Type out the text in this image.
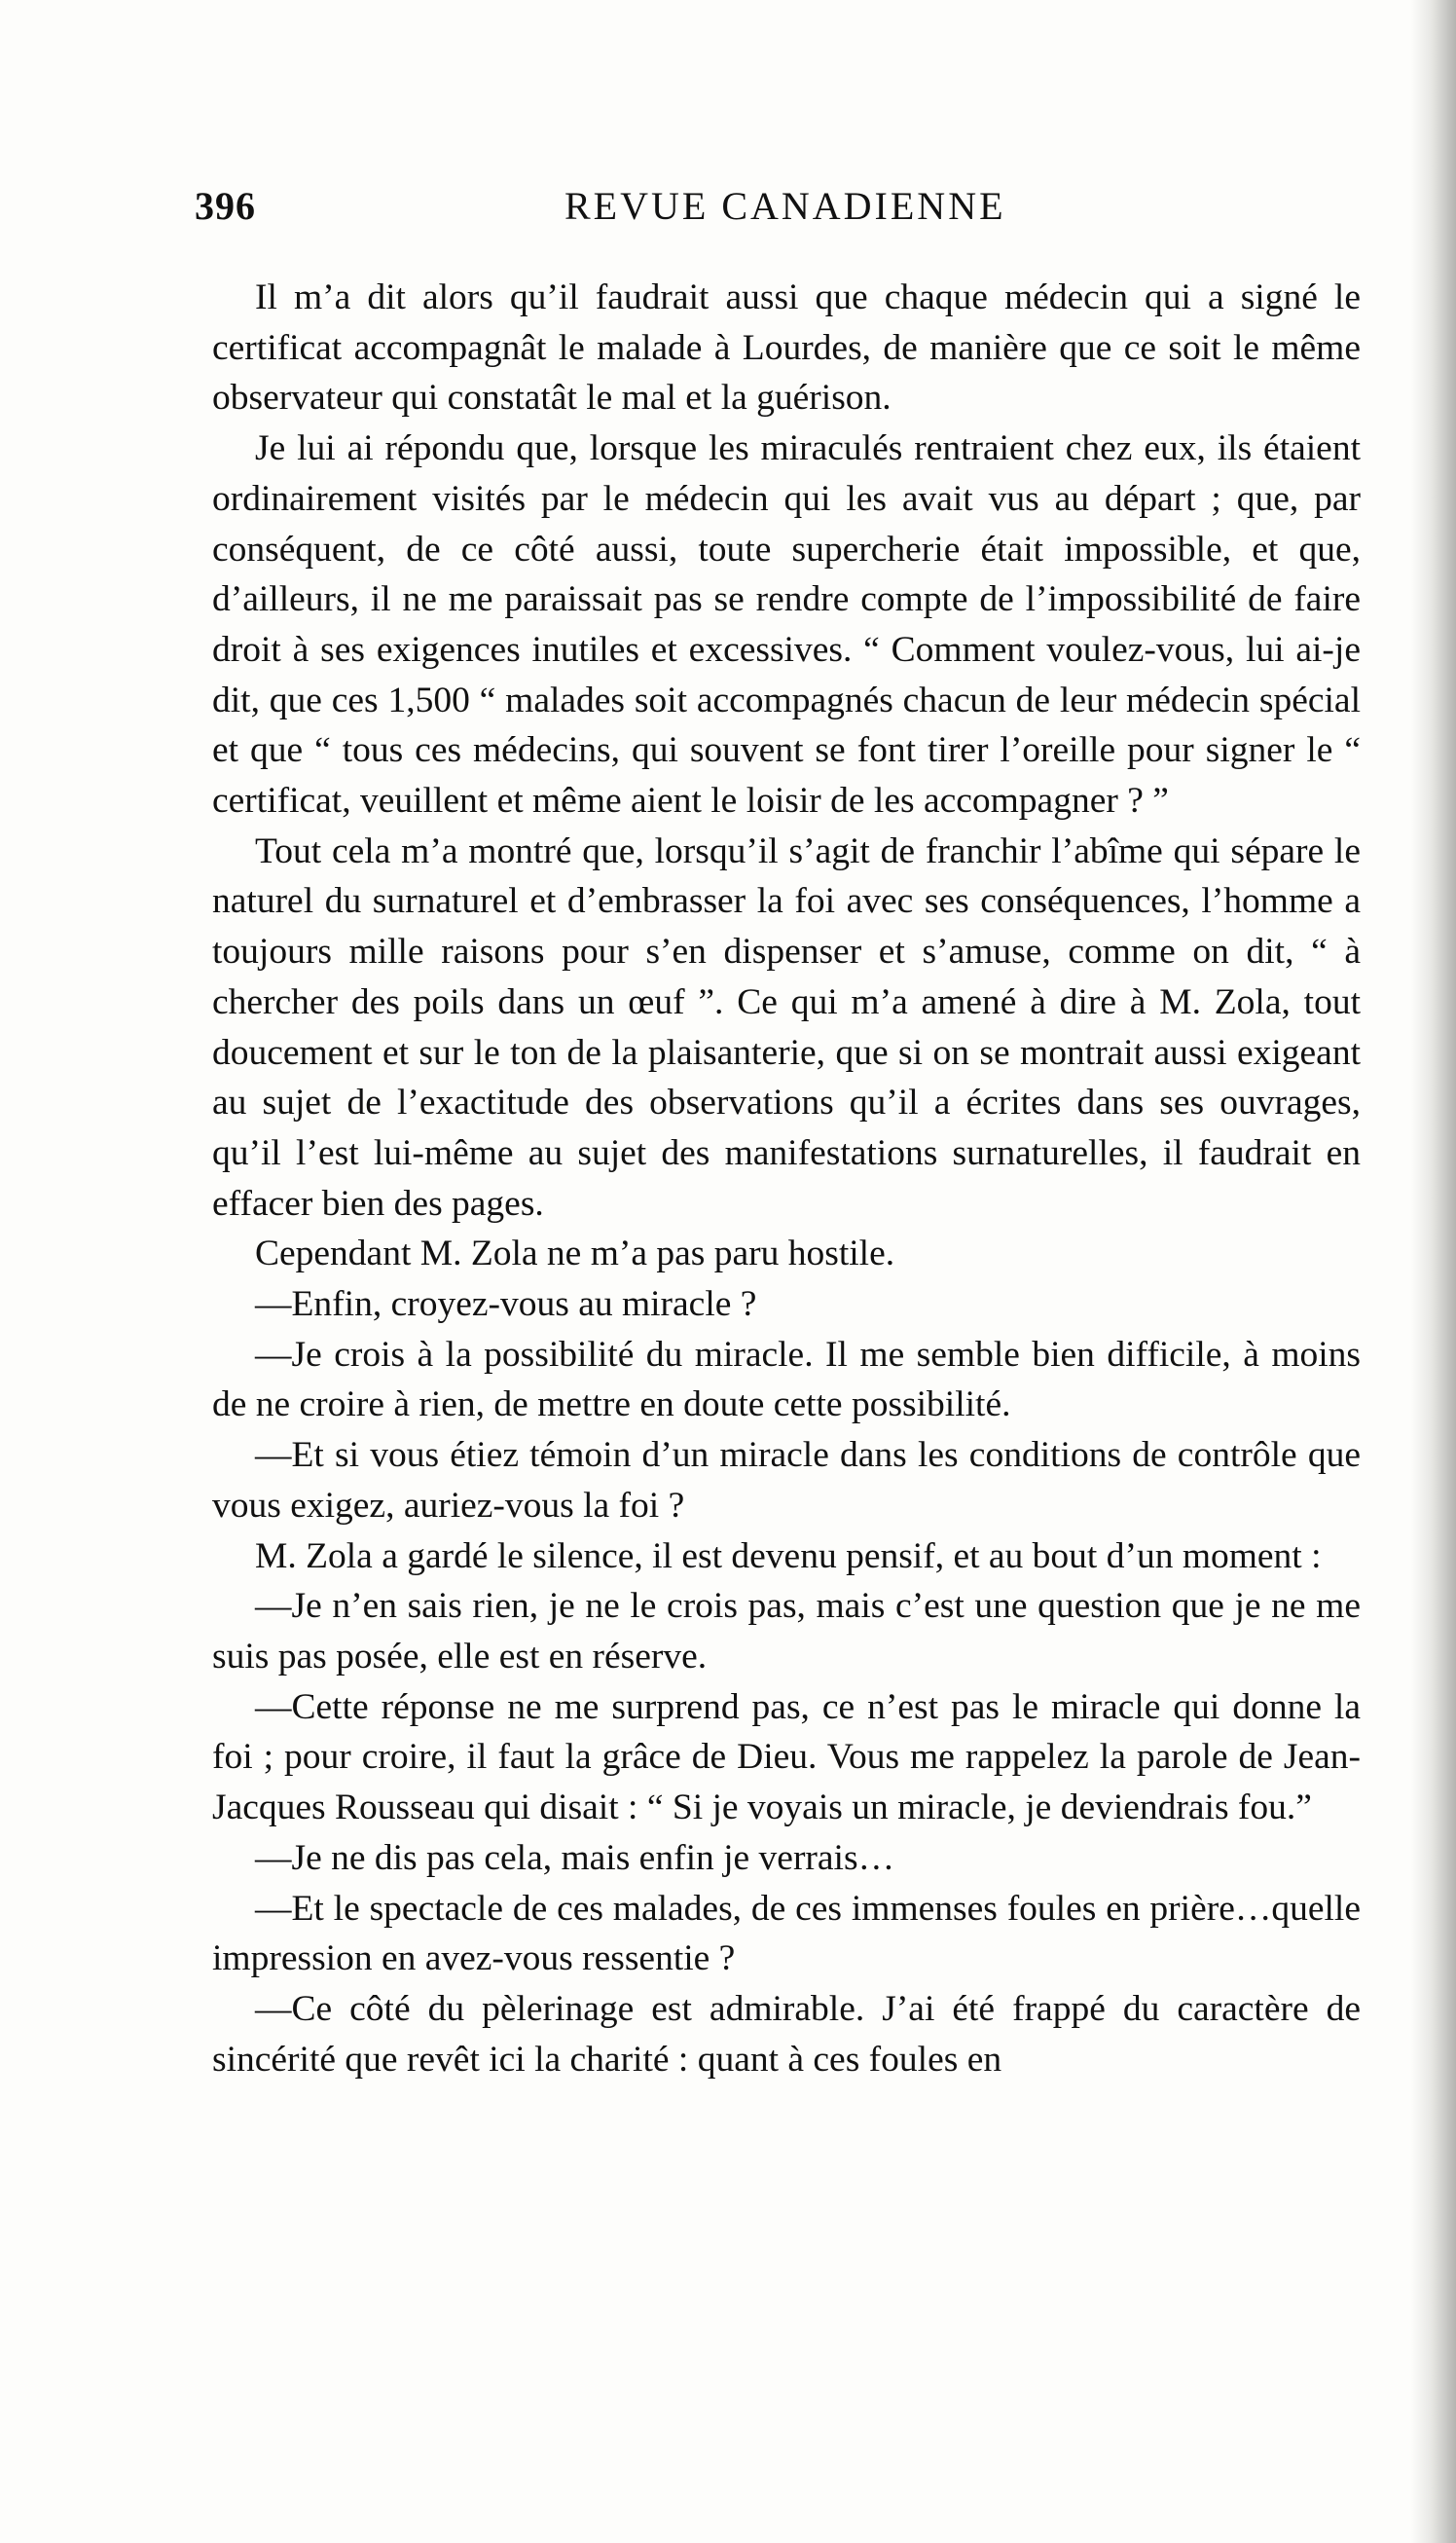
396	REVUE CANADIENNE

Il m’a dit alors qu’il faudrait aussi que chaque médecin qui a signé le certificat accompagnât le malade à Lourdes, de manière que ce soit le même observateur qui constatât le mal et la guérison.

Je lui ai répondu que, lorsque les miraculés rentraient chez eux, ils étaient ordinairement visités par le médecin qui les avait vus au départ ; que, par conséquent, de ce côté aussi, toute supercherie était impossible, et que, d’ailleurs, il ne me paraissait pas se rendre compte de l’impossibilité de faire droit à ses exigences inutiles et excessives. “ Comment voulez-vous, lui ai-je dit, que ces 1,500 “ malades soit accompagnés chacun de leur médecin spécial et que “ tous ces médecins, qui souvent se font tirer l’oreille pour signer le “ certificat, veuillent et même aient le loisir de les accompagner ? ”

Tout cela m’a montré que, lorsqu’il s’agit de franchir l’abîme qui sépare le naturel du surnaturel et d’embrasser la foi avec ses conséquences, l’homme a toujours mille raisons pour s’en dispenser et s’amuse, comme on dit, “ à chercher des poils dans un œuf ”. Ce qui m’a amené à dire à M. Zola, tout doucement et sur le ton de la plaisanterie, que si on se montrait aussi exigeant au sujet de l’exactitude des observations qu’il a écrites dans ses ouvrages, qu’il l’est lui-même au sujet des manifestations surnaturelles, il faudrait en effacer bien des pages.

Cependant M. Zola ne m’a pas paru hostile.

—Enfin, croyez-vous au miracle ?

—Je crois à la possibilité du miracle. Il me semble bien difficile, à moins de ne croire à rien, de mettre en doute cette possibilité.

—Et si vous étiez témoin d’un miracle dans les conditions de contrôle que vous exigez, auriez-vous la foi ?

M. Zola a gardé le silence, il est devenu pensif, et au bout d’un moment :

—Je n’en sais rien, je ne le crois pas, mais c’est une question que je ne me suis pas posée, elle est en réserve.

—Cette réponse ne me surprend pas, ce n’est pas le miracle qui donne la foi ; pour croire, il faut la grâce de Dieu. Vous me rappelez la parole de Jean-Jacques Rousseau qui disait : “ Si je voyais un miracle, je deviendrais fou.”

—Je ne dis pas cela, mais enfin je verrais…

—Et le spectacle de ces malades, de ces immenses foules en prière…quelle impression en avez-vous ressentie ?

—Ce côté du pèlerinage est admirable. J’ai été frappé du caractère de sincérité que revêt ici la charité : quant à ces foules en
